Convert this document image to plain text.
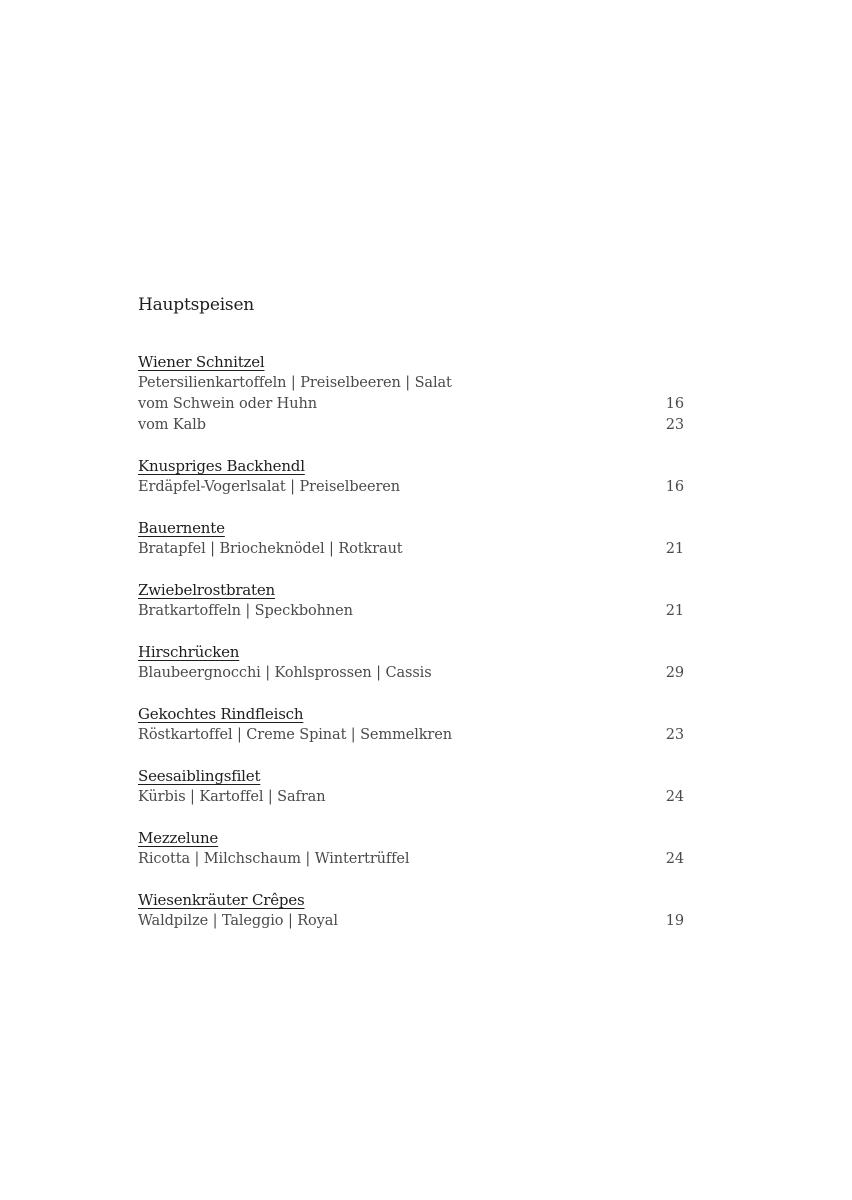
Hauptspeisen
Wiener Schnitzel
Petersilienkartoffeln | Preiselbeeren | Salat
vom Schwein oder Huhn	16
vom Kalb	23
Knuspriges Backhendl
Erdäpfel-Vogerlsalat | Preiselbeeren	16
Bauernente
Bratapfel | Briocheknödel | Rotkraut	21
Zwiebelrostbraten
Bratkartoffeln | Speckbohnen	21
Hirschrücken
Blaubeergnocchi | Kohlsprossen | Cassis	29
Gekochtes Rindfleisch
Röstkartoffel | Creme Spinat | Semmelkren	23
Seesaiblingsfilet
Kürbis | Kartoffel | Safran	24
Mezzelune
Ricotta | Milchschaum | Wintertrüffel	24
Wiesenkräuter Crêpes
Waldpilze | Taleggio | Royal	19
